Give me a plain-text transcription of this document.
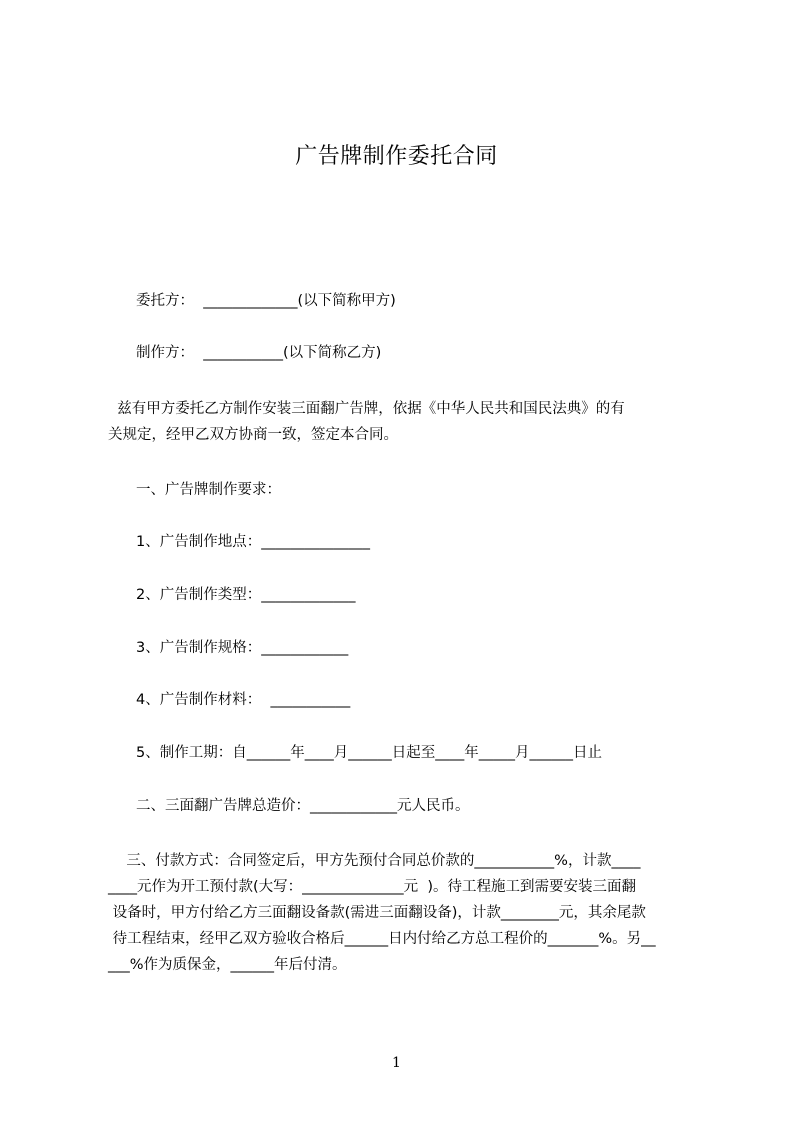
广告牌制作委托合同
委托方：  _____________(以下简称甲方)
制作方：  ___________(以下简称乙方)
兹有甲方委托乙方制作安装三面翻广告牌，依据《中华人民共和国民法典》的有
关规定，经甲乙双方协商一致，签定本合同。
一、广告牌制作要求：
1、广告制作地点：_______________
2、广告制作类型：_____________
3、广告制作规格：____________
4、广告制作材料：  ___________
5、制作工期：自______年____月______日起至____年_____月______日止
二、三面翻广告牌总造价：____________元人民币。
三、付款方式：合同签定后，甲方先预付合同总价款的___________%，计款____
____元作为开工预付款(大写：______________元  )。待工程施工到需要安装三面翻
设备时，甲方付给乙方三面翻设备款(需进三面翻设备)，计款________元，其余尾款
待工程结束，经甲乙双方验收合格后______日内付给乙方总工程价的_______%。另__
___%作为质保金，______年后付清。
1
